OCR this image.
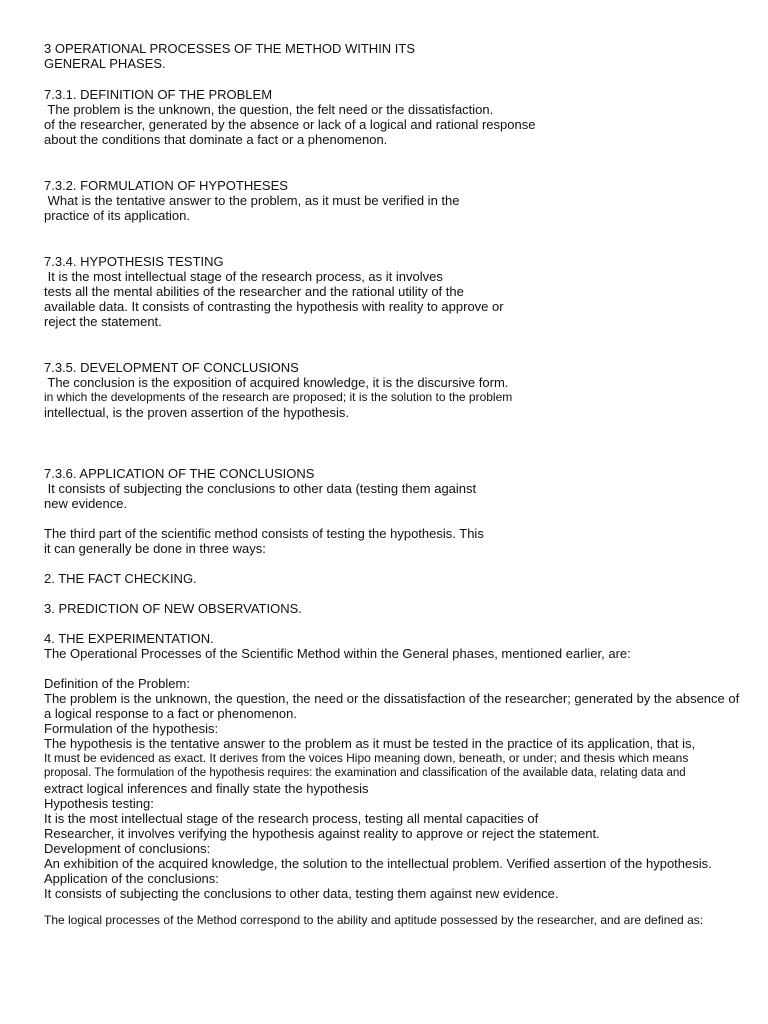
3 OPERATIONAL PROCESSES OF THE METHOD WITHIN ITS

GENERAL PHASES.

7.3.1. DEFINITION OF THE PROBLEM

The problem is the unknown, the question, the felt need or the dissatisfaction.

of the researcher, generated by the absence or lack of a logical and rational response

about the conditions that dominate a fact or a phenomenon.

7.3.2. FORMULATION OF HYPOTHESES

What is the tentative answer to the problem, as it must be verified in the

practice of its application.

7.3.4. HYPOTHESIS TESTING

It is the most intellectual stage of the research process, as it involves

tests all the mental abilities of the researcher and the rational utility of the

available data. It consists of contrasting the hypothesis with reality to approve or

reject the statement.

7.3.5. DEVELOPMENT OF CONCLUSIONS

The conclusion is the exposition of acquired knowledge, it is the discursive form.

in which the developments of the research are proposed; it is the solution to the problem

intellectual, is the proven assertion of the hypothesis.

7.3.6. APPLICATION OF THE CONCLUSIONS

It consists of subjecting the conclusions to other data (testing them against

new evidence.

The third part of the scientific method consists of testing the hypothesis. This

it can generally be done in three ways:

2. THE FACT CHECKING.

3. PREDICTION OF NEW OBSERVATIONS.

4. THE EXPERIMENTATION.

The Operational Processes of the Scientific Method within the General phases, mentioned earlier, are:

Definition of the Problem:

The problem is the unknown, the question, the need or the dissatisfaction of the researcher; generated by the absence of

a logical response to a fact or phenomenon.

Formulation of the hypothesis:

The hypothesis is the tentative answer to the problem as it must be tested in the practice of its application, that is,

It must be evidenced as exact. It derives from the voices Hipo meaning down, beneath, or under; and thesis which means

proposal. The formulation of the hypothesis requires: the examination and classification of the available data, relating data and

extract logical inferences and finally state the hypothesis

Hypothesis testing:

It is the most intellectual stage of the research process, testing all mental capacities of

Researcher, it involves verifying the hypothesis against reality to approve or reject the statement.

Development of conclusions:

An exhibition of the acquired knowledge, the solution to the intellectual problem. Verified assertion of the hypothesis.

Application of the conclusions:

It consists of subjecting the conclusions to other data, testing them against new evidence.

The logical processes of the Method correspond to the ability and aptitude possessed by the researcher, and are defined as:
